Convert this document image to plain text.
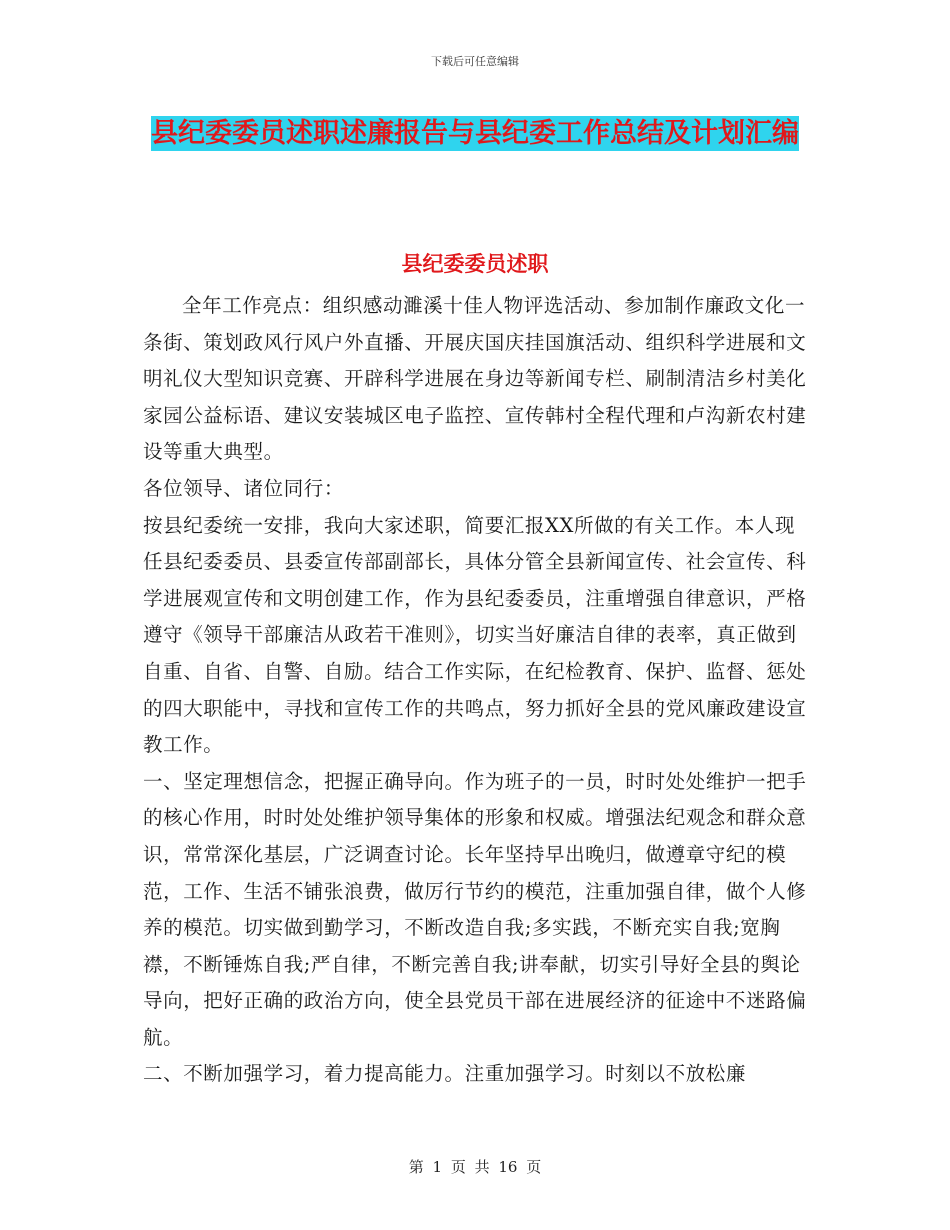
下载后可任意编辑
县纪委委员述职述廉报告与县纪委工作总结及计划汇编
县纪委委员述职

全年工作亮点：组织感动濉溪十佳人物评选活动、参加制作廉政文化一条街、策划政风行风户外直播、开展庆国庆挂国旗活动、组织科学进展和文明礼仪大型知识竞赛、开辟科学进展在身边等新闻专栏、刷制清洁乡村美化家园公益标语、建议安装城区电子监控、宣传韩村全程代理和卢沟新农村建设等重大典型。

各位领导、诸位同行：

按县纪委统一安排，我向大家述职，简要汇报XX所做的有关工作。本人现任县纪委委员、县委宣传部副部长，具体分管全县新闻宣传、社会宣传、科学进展观宣传和文明创建工作，作为县纪委委员，注重增强自律意识，严格遵守《领导干部廉洁从政若干准则》，切实当好廉洁自律的表率，真正做到自重、自省、自警、自励。结合工作实际，在纪检教育、保护、监督、惩处的四大职能中，寻找和宣传工作的共鸣点，努力抓好全县的党风廉政建设宣教工作。

一、坚定理想信念，把握正确导向。作为班子的一员，时时处处维护一把手的核心作用，时时处处维护领导集体的形象和权威。增强法纪观念和群众意识，常常深化基层，广泛调查讨论。长年坚持早出晚归，做遵章守纪的模范，工作、生活不铺张浪费，做厉行节约的模范，注重加强自律，做个人修养的模范。切实做到勤学习，不断改造自我;多实践，不断充实自我;宽胸襟，不断锤炼自我;严自律，不断完善自我;讲奉献，切实引导好全县的舆论导向，把好正确的政治方向，使全县党员干部在进展经济的征途中不迷路偏航。

二、不断加强学习，着力提高能力。注重加强学习。时刻以不放松廉

第 1 页 共 16 页
